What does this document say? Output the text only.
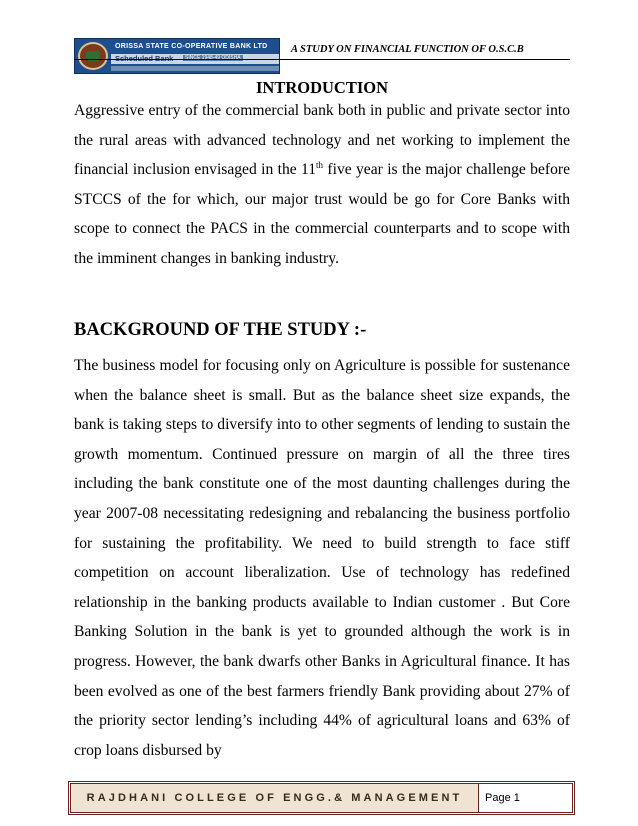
ORISSA STATE CO-OPERATIVE BANK LTD
Scheduled Bank	SINCE 1948-49 ODISHA
A STUDY ON FINANCIAL FUNCTION OF O.S.C.B
INTRODUCTION

Aggressive entry of the commercial bank both in public and private sector into the rural areas with advanced technology and net working to implement the financial inclusion envisaged in the 11th five year is the major challenge before STCCS of the for which, our major trust would be go for Core Banks with scope to connect the PACS in the commercial counterparts and to scope with the imminent changes in banking industry.

BACKGROUND OF THE STUDY :-

The business model for focusing only on Agriculture is possible for sustenance when the balance sheet is small. But as the balance sheet size expands, the bank is taking steps to diversify into to other segments of lending to sustain the growth momentum. Continued pressure on margin of all the three tires including the bank constitute one of the most daunting challenges during the year 2007-08 necessitating redesigning and rebalancing the business portfolio for sustaining the profitability. We need to build strength to face stiff competition on account liberalization. Use of technology has redefined relationship in the banking products available to Indian customer . But Core Banking Solution in the bank is yet to grounded although the work is in progress. However, the bank dwarfs other Banks in Agricultural finance. It has been evolved as one of the best farmers friendly Bank providing about 27% of the priority sector lending’s including 44% of agricultural loans and 63% of crop loans disbursed by

RAJDHANI COLLEGE OF ENGG.& MANAGEMENT	Page 1
